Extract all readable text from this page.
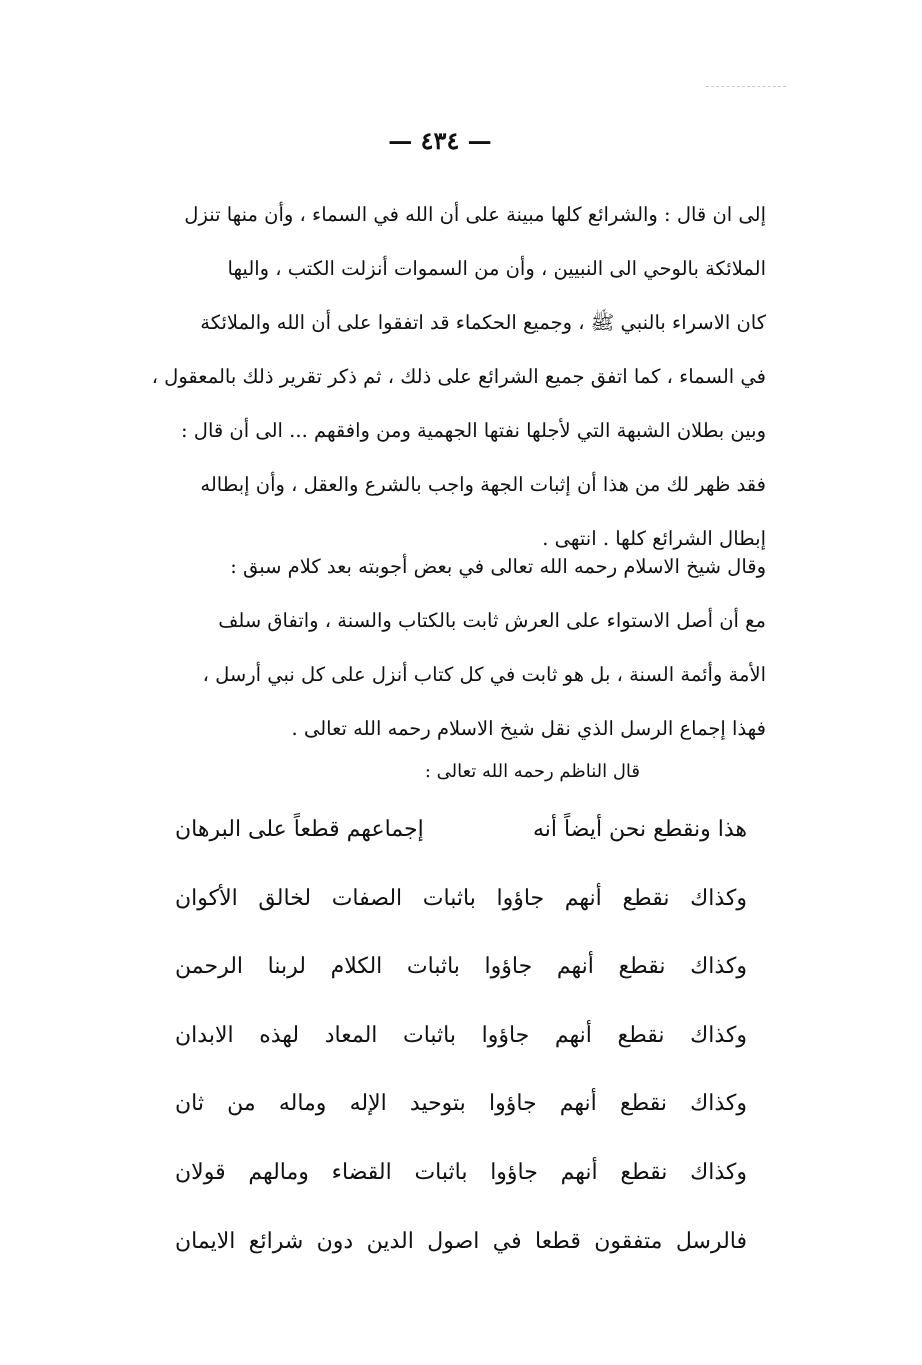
— ٤٣٤ —
إلى ان قال : والشرائع كلها مبينة على أن الله في السماء ، وأن منها تنزل
الملائكة بالوحي الى النبيين ، وأن من السموات أنزلت الكتب ، واليها
كان الاسراء بالنبي ﷺ ، وجميع الحكماء قد اتفقوا على أن الله والملائكة
في السماء ، كما اتفق جميع الشرائع على ذلك ، ثم ذكر تقرير ذلك بالمعقول ،
وبين بطلان الشبهة التي لأجلها نفتها الجهمية ومن وافقهم ... الى أن قال :
فقد ظهر لك من هذا أن إثبات الجهة واجب بالشرع والعقل ، وأن إبطاله
إبطال الشرائع كلها . انتهى .
وقال شيخ الاسلام رحمه الله تعالى في بعض أجوبته بعد كلام سبق :
مع أن أصل الاستواء على العرش ثابت بالكتاب والسنة ، واتفاق سلف
الأمة وأئمة السنة ، بل هو ثابت في كل كتاب أنزل على كل نبي أرسل ،
فهذا إجماع الرسل الذي نقل شيخ الاسلام رحمه الله تعالى .
قال الناظم رحمه الله تعالى :
هذا ونقطع نحن أيضاً أنه
إجماعهم قطعاً على البرهان
وكذاك نقطع أنهم جاؤوا باثبات الصفات لخالق الأكوان
وكذاك نقطع أنهم جاؤوا باثبات الكلام لربنا الرحمن
وكذاك نقطع أنهم جاؤوا باثبات المعاد لهذه الابدان
وكذاك نقطع أنهم جاؤوا بتوحيد الإله وماله من ثان
وكذاك نقطع أنهم جاؤوا باثبات القضاء ومالهم قولان
فالرسل متفقون قطعا في اصول الدين دون شرائع الايمان
